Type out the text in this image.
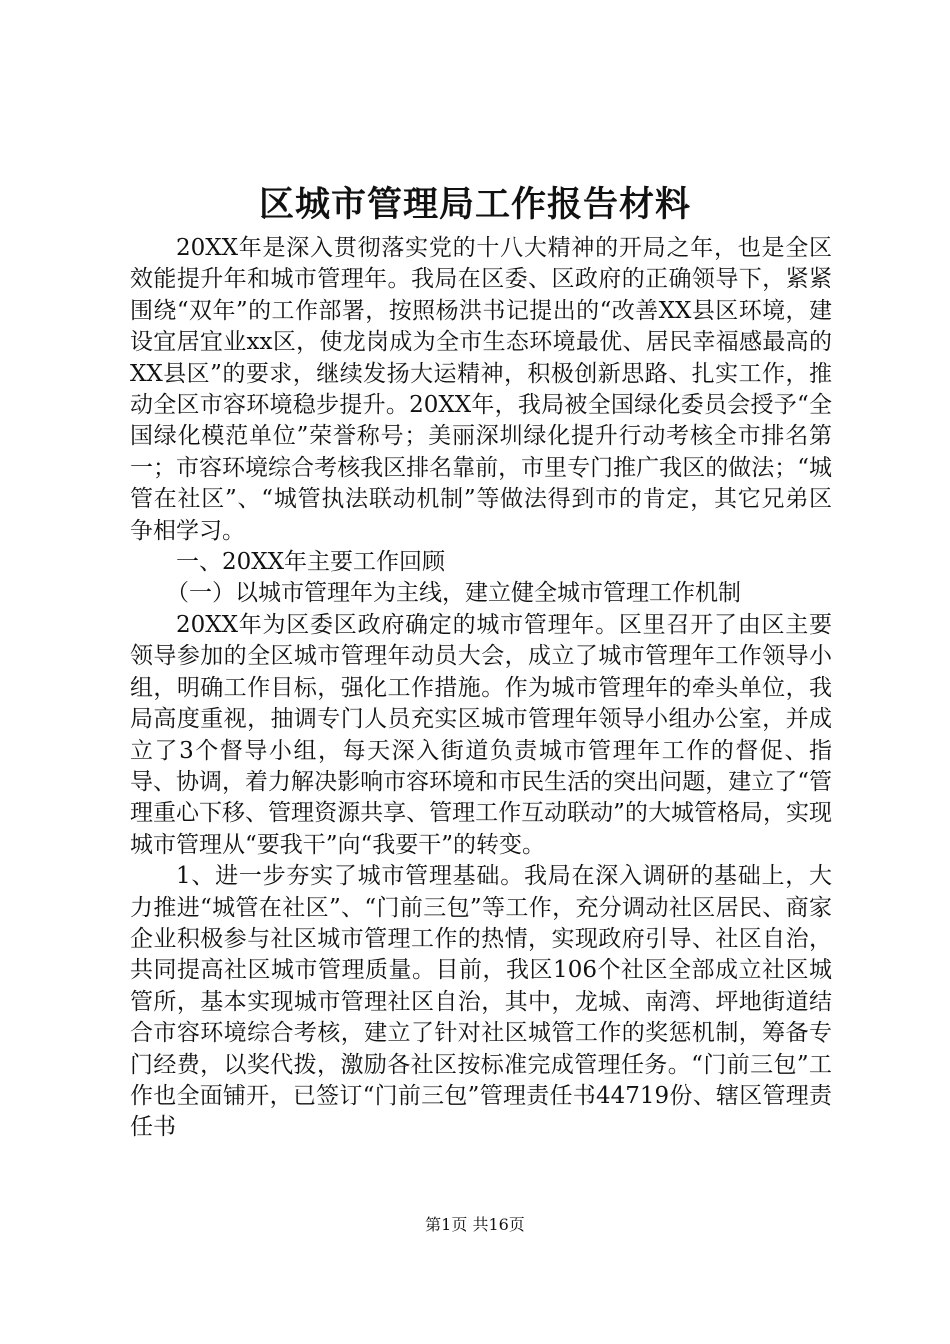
区城市管理局工作报告材料

20XX年是深入贯彻落实党的十八大精神的开局之年，也是全区效能提升年和城市管理年。我局在区委、区政府的正确领导下，紧紧围绕“双年”的工作部署，按照杨洪书记提出的“改善XX县区环境，建设宜居宜业xx区，使龙岗成为全市生态环境最优、居民幸福感最高的XX县区”的要求，继续发扬大运精神，积极创新思路、扎实工作，推动全区市容环境稳步提升。20XX年，我局被全国绿化委员会授予“全国绿化模范单位”荣誉称号；美丽深圳绿化提升行动考核全市排名第一；市容环境综合考核我区排名靠前，市里专门推广我区的做法；“城管在社区”、“城管执法联动机制”等做法得到市的肯定，其它兄弟区争相学习。

一、20XX年主要工作回顾

（一）以城市管理年为主线，建立健全城市管理工作机制

20XX年为区委区政府确定的城市管理年。区里召开了由区主要领导参加的全区城市管理年动员大会，成立了城市管理年工作领导小组，明确工作目标，强化工作措施。作为城市管理年的牵头单位，我局高度重视，抽调专门人员充实区城市管理年领导小组办公室，并成立了3个督导小组，每天深入街道负责城市管理年工作的督促、指导、协调，着力解决影响市容环境和市民生活的突出问题，建立了“管理重心下移、管理资源共享、管理工作互动联动”的大城管格局，实现城市管理从“要我干”向“我要干”的转变。

1、进一步夯实了城市管理基础。我局在深入调研的基础上，大力推进“城管在社区”、“门前三包”等工作，充分调动社区居民、商家企业积极参与社区城市管理工作的热情，实现政府引导、社区自治，共同提高社区城市管理质量。目前，我区106个社区全部成立社区城管所，基本实现城市管理社区自治，其中，龙城、南湾、坪地街道结合市容环境综合考核，建立了针对社区城管工作的奖惩机制，筹备专门经费，以奖代拨，激励各社区按标准完成管理任务。“门前三包”工作也全面铺开，已签订“门前三包”管理责任书44719份、辖区管理责任书

第1页 共16页
